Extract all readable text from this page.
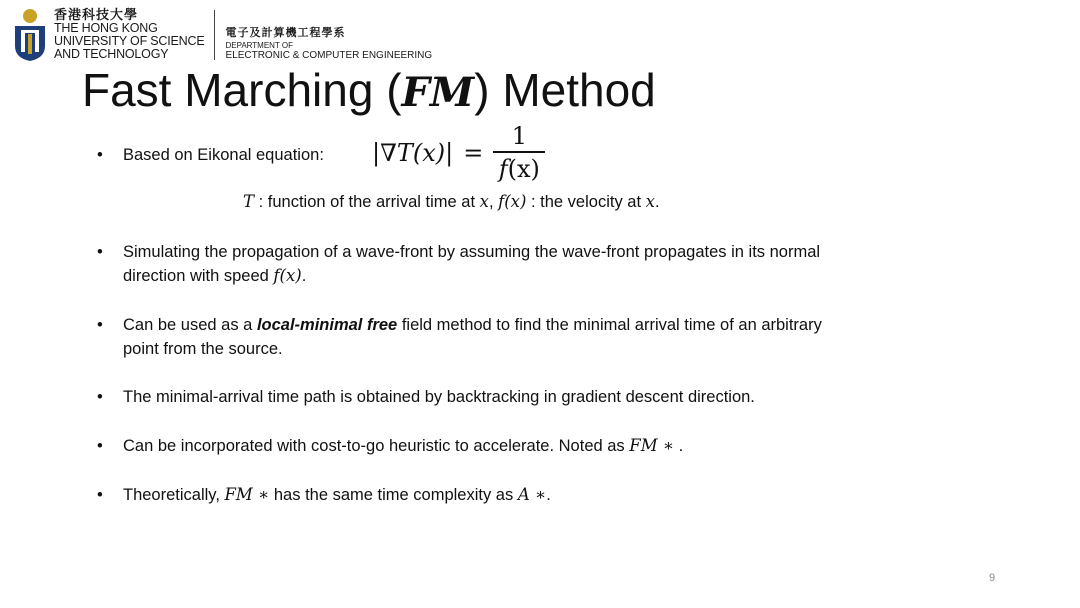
香港科技大學
THE HONG KONG
UNIVERSITY OF SCIENCE
AND TECHNOLOGY
電子及計算機工程學系
DEPARTMENT OF
ELECTRONIC & COMPUTER ENGINEERING
Fast Marching (FM) Method
•	Based on Eikonal equation:	$|\nabla T(x)| = \frac{1}{f(x)}$
T : function of the arrival time at x, f(x) : the velocity at x.
•	Simulating the propagation of a wave-front by assuming the wave-front propagates in its normal
direction with speed f(x).
•	Can be used as a local-minimal free field method to find the minimal arrival time of an arbitrary
point from the source.
•	The minimal-arrival time path is obtained by backtracking in gradient descent direction.
•	Can be incorporated with cost-to-go heuristic to accelerate. Noted as FM ∗ .
•	Theoretically, FM ∗ has the same time complexity as A ∗.
9
